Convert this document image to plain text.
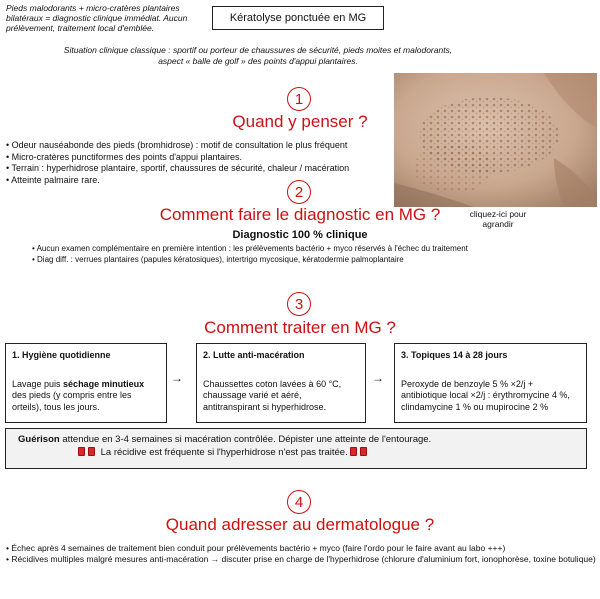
Pieds malodorants + micro-cratères plantaires bilatéraux = diagnostic clinique immédiat. Aucun prélèvement, traitement local d'emblée.
Kératolyse ponctuée en MG
Situation clinique classique : sportif ou porteur de chaussures de sécurité, pieds moites et malodorants, aspect « balle de golf » des points d'appui plantaires.
cliquez-ici pour agrandir
1
Quand y penser ?
• Odeur nauséabonde des pieds (bromhidrose) : motif de consultation le plus fréquent
• Micro-cratères punctiformes des points d'appui plantaires.
• Terrain : hyperhidrose plantaire, sportif, chaussures de sécurité, chaleur / macération
• Atteinte palmaire rare.
2
Comment faire le diagnostic en MG ?
Diagnostic 100 % clinique
• Aucun examen complémentaire en première intention : les prélèvements bactério + myco réservés à l'échec du traitement
• Diag diff. : verrues plantaires (papules kératosiques), intertrigo mycosique, kératodermie palmoplantaire
3
Comment traiter en MG ?
1. Hygiène quotidienne
Lavage puis séchage minutieux des pieds (y compris entre les orteils), tous les jours.
→
2. Lutte anti-macération
Chaussettes coton lavées à 60 °C, chaussage varié et aéré, antitranspirant si hyperhidrose.
→
3. Topiques 14 à 28 jours
Peroxyde de benzoyle 5 % ×2/j + antibiotique local ×2/j : érythromycine 4 %, clindamycine 1 % ou mupirocine 2 %
Guérison attendue en 3-4 semaines si macération contrôlée. Dépister une atteinte de l'entourage.
La récidive est fréquente si l'hyperhidrose n'est pas traitée.
4
Quand adresser au dermatologue ?
• Échec après 4 semaines de traitement bien conduit pour prélèvements bactério + myco (faire l'ordo pour le faire avant au labo +++)
• Récidives multiples malgré mesures anti-macération → discuter prise en charge de l'hyperhidrose (chlorure d'aluminium fort, ionophorèse, toxine botulique)
